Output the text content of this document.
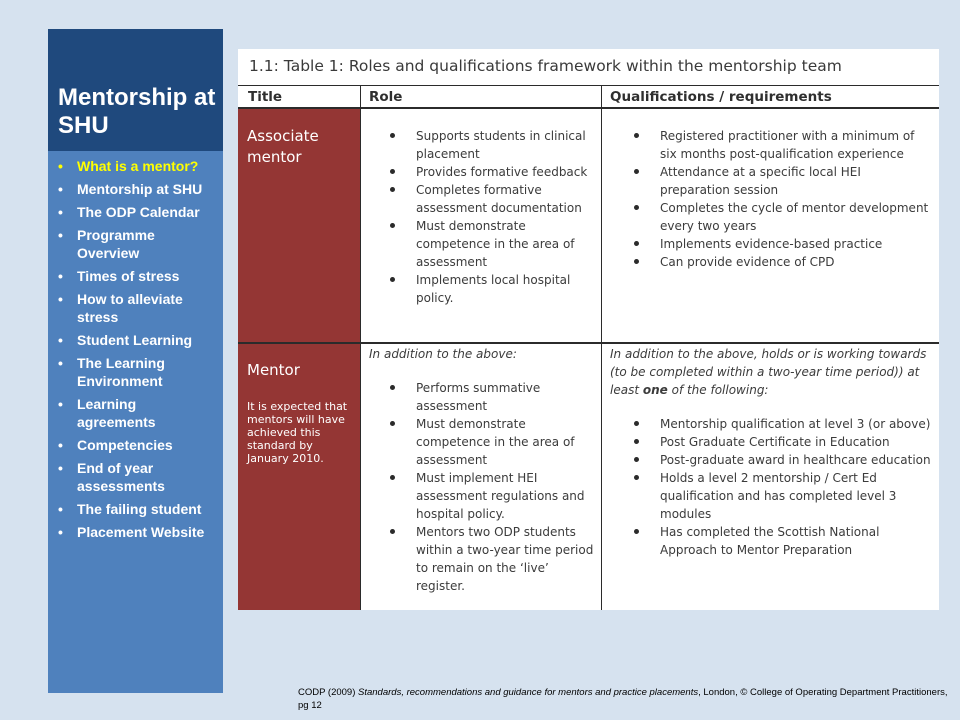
Mentorship at SHU
• What is a mentor?
• Mentorship at SHU
• The ODP Calendar
• Programme Overview
• Times of stress
• How to alleviate stress
• Student Learning
• The Learning Environment
• Learning agreements
• Competencies
• End of year assessments
• The failing student
• Placement Website
1.1: Table 1: Roles and qualifications framework within the mentorship team
Title	Role	Qualifications / requirements
Associate mentor
Supports students in clinical placement
Provides formative feedback
Completes formative assessment documentation
Must demonstrate competence in the area of assessment
Implements local hospital policy.
Registered practitioner with a minimum of six months post-qualification experience
Attendance at a specific local HEI preparation session
Completes the cycle of mentor development every two years
Implements evidence-based practice
Can provide evidence of CPD
Mentor
It is expected that mentors will have achieved this standard by January 2010.
In addition to the above:
Performs summative assessment
Must demonstrate competence in the area of assessment
Must implement HEI assessment regulations and hospital policy.
Mentors two ODP students within a two-year time period to remain on the ‘live’ register.
In addition to the above, holds or is working towards (to be completed within a two-year time period)) at least one of the following:
Mentorship qualification at level 3 (or above)
Post Graduate Certificate in Education
Post-graduate award in healthcare education
Holds a level 2 mentorship / Cert Ed qualification and has completed level 3 modules
Has completed the Scottish National Approach to Mentor Preparation
CODP (2009) Standards, recommendations and guidance for mentors and practice placements, London, © College of Operating Department Practitioners, pg 12
